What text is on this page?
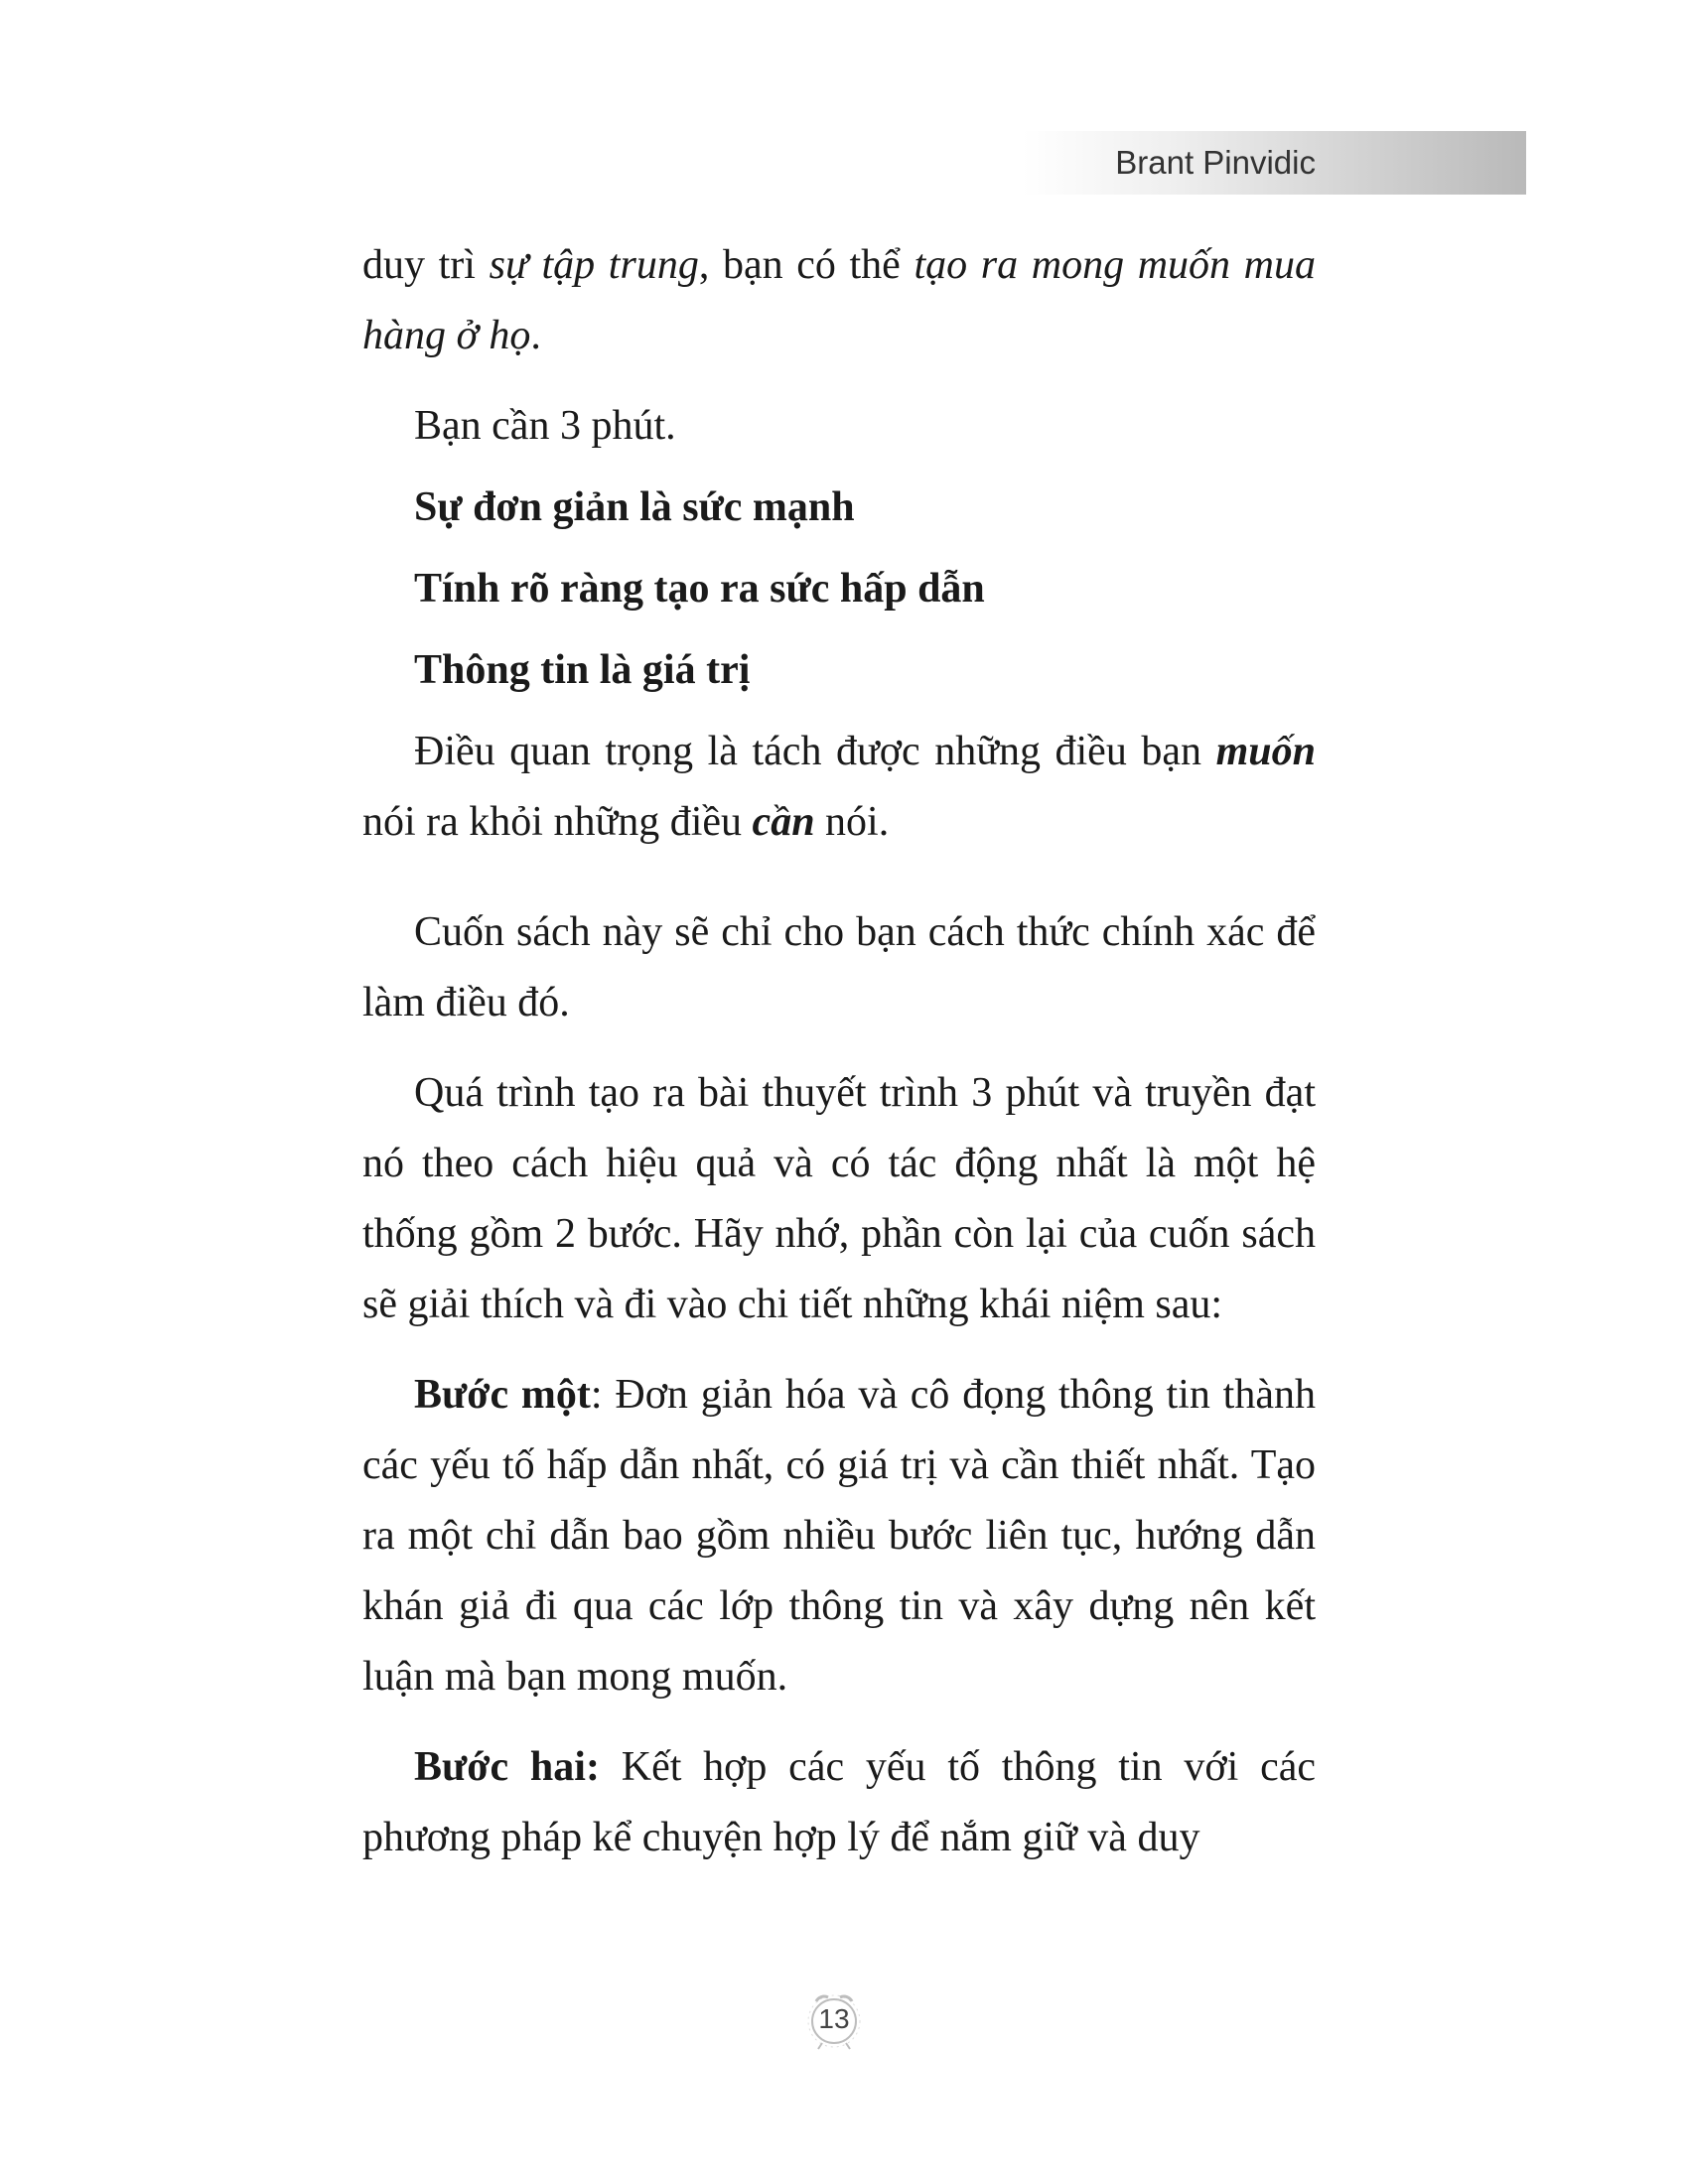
Brant Pinvidic

duy trì sự tập trung, bạn có thể tạo ra mong muốn mua hàng ở họ.

Bạn cần 3 phút.

Sự đơn giản là sức mạnh

Tính rõ ràng tạo ra sức hấp dẫn

Thông tin là giá trị

Điều quan trọng là tách được những điều bạn muốn nói ra khỏi những điều cần nói.

Cuốn sách này sẽ chỉ cho bạn cách thức chính xác để làm điều đó.

Quá trình tạo ra bài thuyết trình 3 phút và truyền đạt nó theo cách hiệu quả và có tác động nhất là một hệ thống gồm 2 bước. Hãy nhớ, phần còn lại của cuốn sách sẽ giải thích và đi vào chi tiết những khái niệm sau:

Bước một: Đơn giản hóa và cô đọng thông tin thành các yếu tố hấp dẫn nhất, có giá trị và cần thiết nhất. Tạo ra một chỉ dẫn bao gồm nhiều bước liên tục, hướng dẫn khán giả đi qua các lớp thông tin và xây dựng nên kết luận mà bạn mong muốn.

Bước hai: Kết hợp các yếu tố thông tin với các phương pháp kể chuyện hợp lý để nắm giữ và duy

13
